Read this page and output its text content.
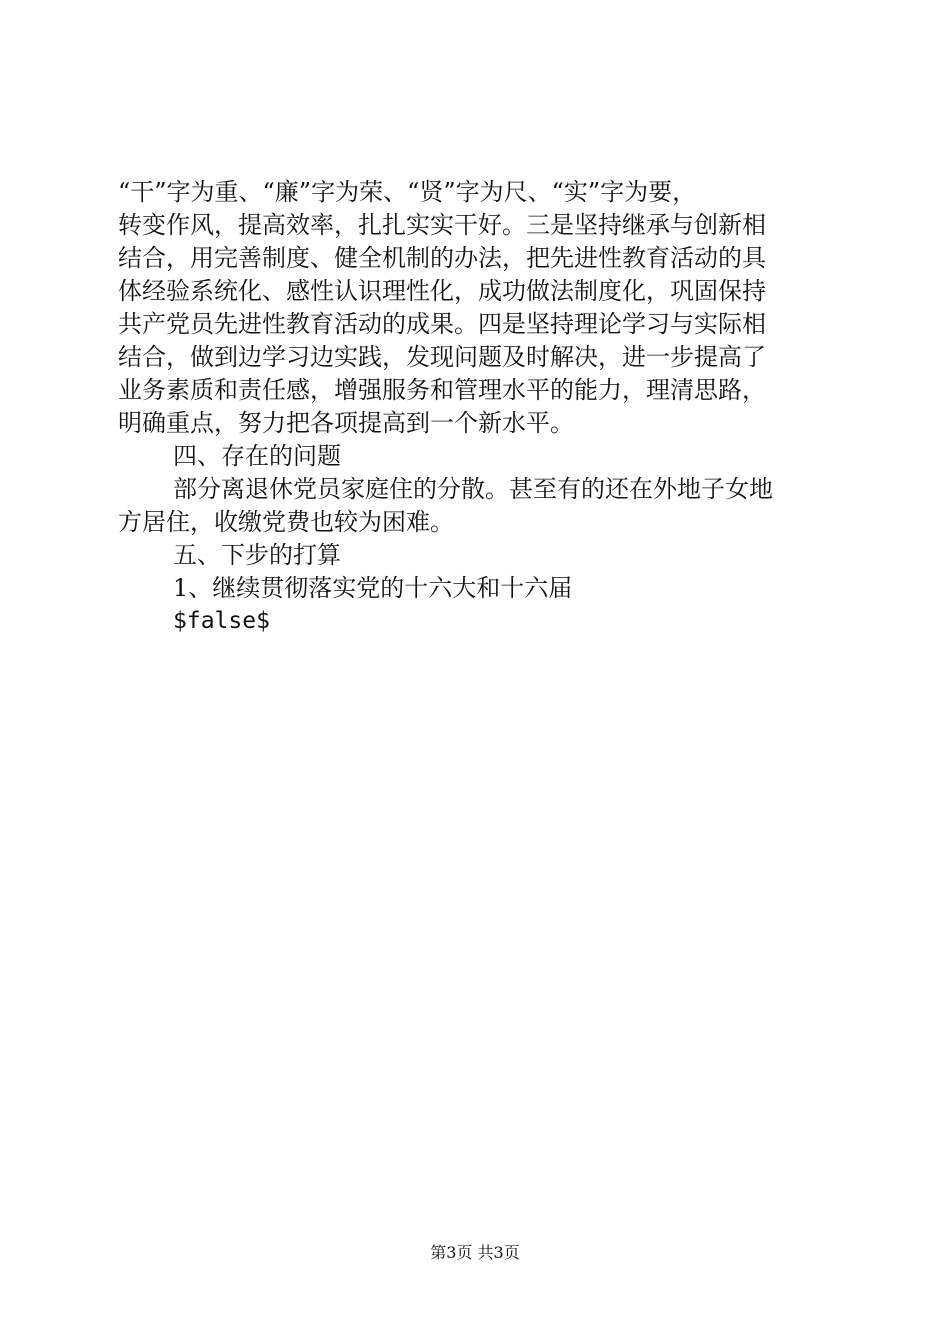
“干”字为重、“廉”字为荣、“贤”字为尺、“实”字为要，
转变作风，提高效率，扎扎实实干好。三是坚持继承与创新相
结合，用完善制度、健全机制的办法，把先进性教育活动的具
体经验系统化、感性认识理性化，成功做法制度化，巩固保持
共产党员先进性教育活动的成果。四是坚持理论学习与实际相
结合，做到边学习边实践，发现问题及时解决，进一步提高了
业务素质和责任感，增强服务和管理水平的能力，理清思路，
明确重点，努力把各项提高到一个新水平。
四、存在的问题
部分离退休党员家庭住的分散。甚至有的还在外地子女地
方居住，收缴党费也较为困难。
五、下步的打算
1、继续贯彻落实党的十六大和十六届
$false$
第3页 共3页
